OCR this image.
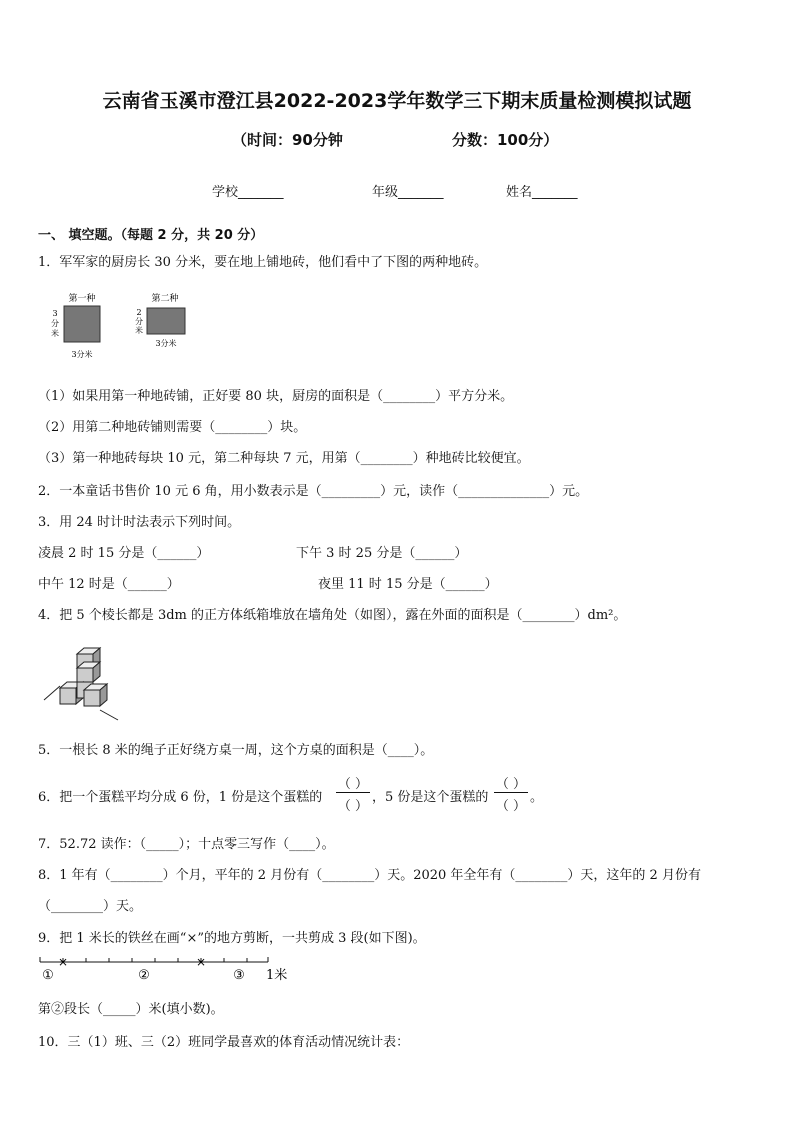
云南省玉溪市澄江县2022-2023学年数学三下期末质量检测模拟试题
（时间：90分钟	分数：100分）
学校_______	年级_______	姓名_______
一、 填空题。（每题 2 分，共 20 分）
1．军军家的厨房长 30 分米，要在地上铺地砖，他们看中了下图的两种地砖。
第一种
3
分
米
3分米
第二种
2
分
米
3分米
（1）如果用第一种地砖铺，正好要 80 块，厨房的面积是（________）平方分米。
（2）用第二种地砖铺则需要（________）块。
（3）第一种地砖每块 10 元，第二种每块 7 元，用第（________）种地砖比较便宜。
2．一本童话书售价 10 元 6 角，用小数表示是（_________）元，读作（______________）元。
3．用 24 时计时法表示下列时间。
凌晨 2 时 15 分是（______）	下午 3 时 25 分是（______）
中午 12 时是（______）	夜里 11 时 15 分是（______）
4．把 5 个棱长都是 3dm 的正方体纸箱堆放在墙角处（如图），露在外面的面积是（________）dm²。
5．一根长 8 米的绳子正好绕方桌一周，这个方桌的面积是（____）。
6．把一个蛋糕平均分成 6 份，1 份是这个蛋糕的
（ ）
（ ）
，5 份是这个蛋糕的
（ ）
（ ）
。
7．52.72 读作：（_____）；十点零三写作（____）。
8．1 年有（________）个月，平年的 2 月份有（________）天。2020 年全年有（________）天，这年的 2 月份有
（________）天。
9．把 1 米长的铁丝在画“×”的地方剪断，一共剪成 3 段(如下图)。
×	×
①	②	③ 1米
第②段长（_____）米(填小数)。
10．三（1）班、三（2）班同学最喜欢的体育活动情况统计表：
